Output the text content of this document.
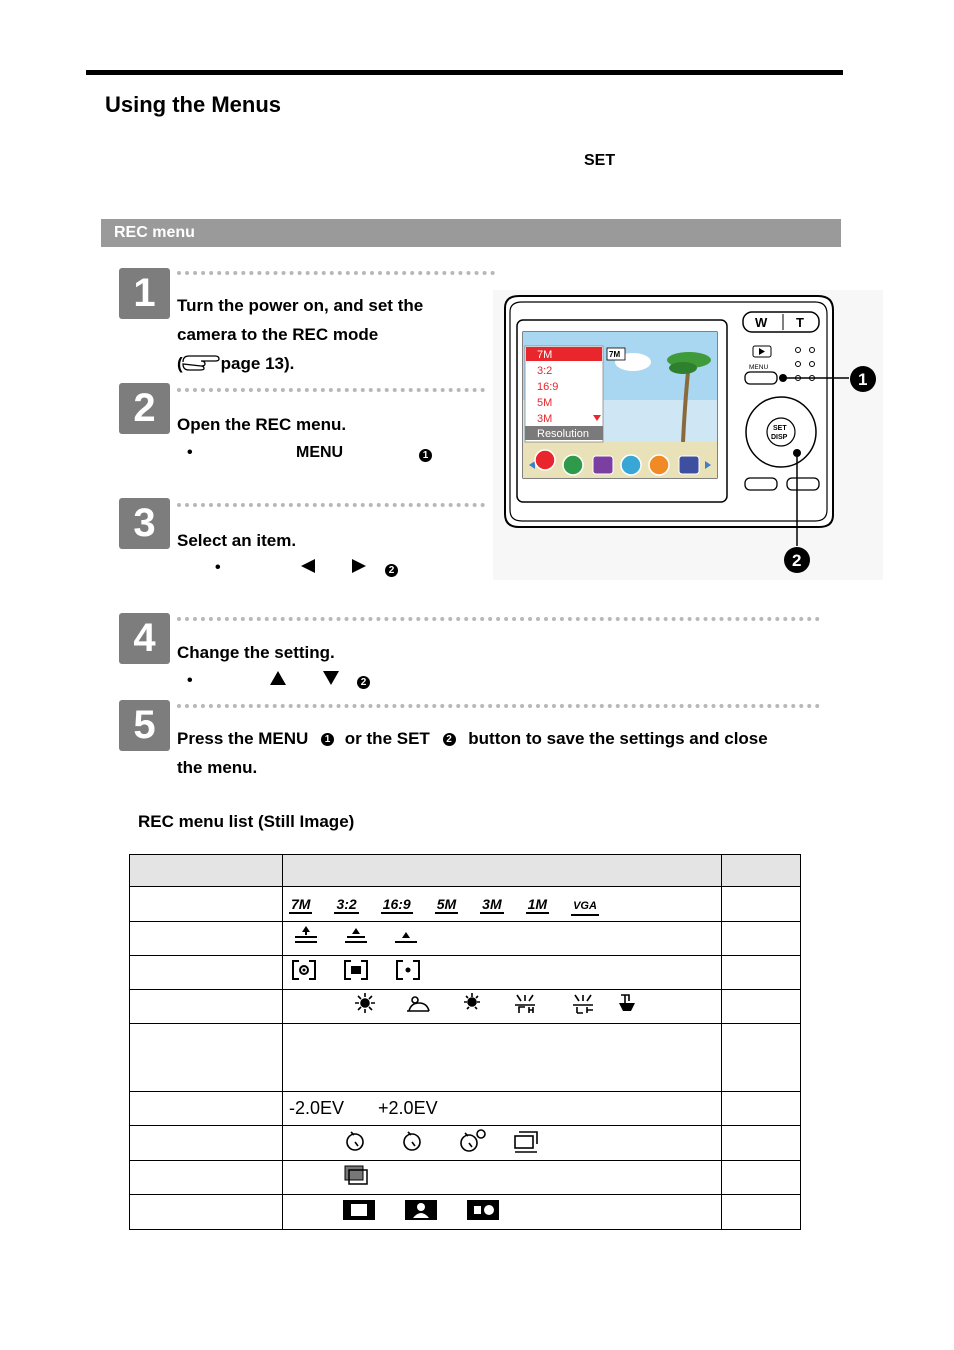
Using the Menus
SET
REC menu
1	Turn the power on, and set the
camera to the REC mode
( page 13).
2	Open the REC menu.
•	MENU	1
3	Select an item.
•	2
4	Change the setting.
•	2
5	Press the MENU 1 or the SET 2 button to save the settings and close
the menu.
7M
3:2
16:9
5M
3M
Resolution
7M
W T
MENU
SET
DISP
1
2
REC menu list (Still Image)

	7M 3:2 16:9 5M 3M 1M VGA	

	-2.0EV +2.0EV	
